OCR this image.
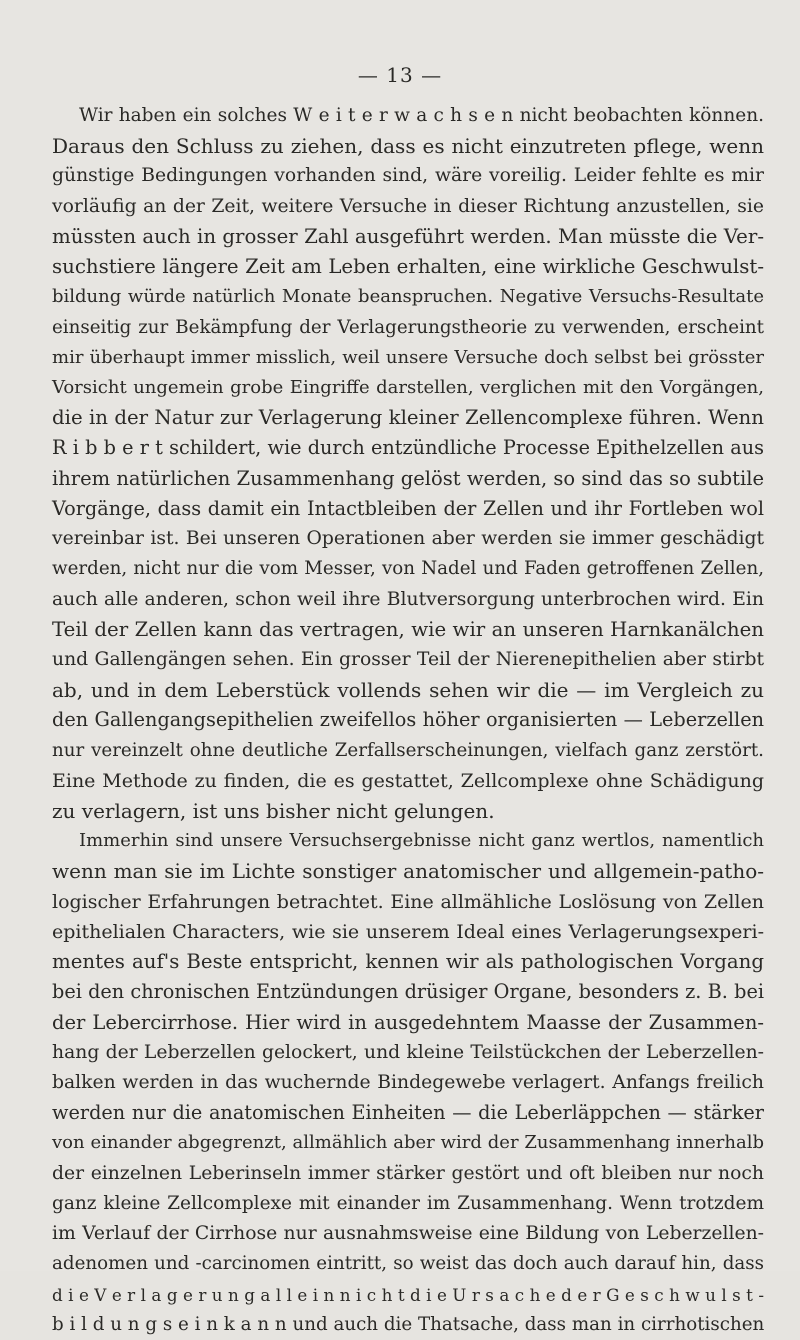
— 13 —
Wir haben ein solches W e i t e r w a c h s e n nicht beobachten können.
Daraus den Schluss zu ziehen, dass es nicht einzutreten pflege, wenn
günstige Bedingungen vorhanden sind, wäre voreilig. Leider fehlte es mir
vorläufig an der Zeit, weitere Versuche in dieser Richtung anzustellen, sie
müssten auch in grosser Zahl ausgeführt werden. Man müsste die Ver-
suchstiere längere Zeit am Leben erhalten, eine wirkliche Geschwulst-
bildung würde natürlich Monate beanspruchen. Negative Versuchs-Resultate
einseitig zur Bekämpfung der Verlagerungstheorie zu verwenden, erscheint
mir überhaupt immer misslich, weil unsere Versuche doch selbst bei grösster
Vorsicht ungemein grobe Eingriffe darstellen, verglichen mit den Vorgängen,
die in der Natur zur Verlagerung kleiner Zellencomplexe führen. Wenn
R i b b e r t schildert, wie durch entzündliche Processe Epithelzellen aus
ihrem natürlichen Zusammenhang gelöst werden, so sind das so subtile
Vorgänge, dass damit ein Intactbleiben der Zellen und ihr Fortleben wol
vereinbar ist. Bei unseren Operationen aber werden sie immer geschädigt
werden, nicht nur die vom Messer, von Nadel und Faden getroffenen Zellen,
auch alle anderen, schon weil ihre Blutversorgung unterbrochen wird. Ein
Teil der Zellen kann das vertragen, wie wir an unseren Harnkanälchen
und Gallengängen sehen. Ein grosser Teil der Nierenepithelien aber stirbt
ab, und in dem Leberstück vollends sehen wir die — im Vergleich zu
den Gallengangsepithelien zweifellos höher organisierten — Leberzellen
nur vereinzelt ohne deutliche Zerfallserscheinungen, vielfach ganz zerstört.
Eine Methode zu finden, die es gestattet, Zellcomplexe ohne Schädigung
zu verlagern, ist uns bisher nicht gelungen.
Immerhin sind unsere Versuchsergebnisse nicht ganz wertlos, namentlich
wenn man sie im Lichte sonstiger anatomischer und allgemein-patho-
logischer Erfahrungen betrachtet. Eine allmähliche Loslösung von Zellen
epithelialen Characters, wie sie unserem Ideal eines Verlagerungsexperi-
mentes auf's Beste entspricht, kennen wir als pathologischen Vorgang
bei den chronischen Entzündungen drüsiger Organe, besonders z. B. bei
der Lebercirrhose. Hier wird in ausgedehntem Maasse der Zusammen-
hang der Leberzellen gelockert, und kleine Teilstückchen der Leberzellen-
balken werden in das wuchernde Bindegewebe verlagert. Anfangs freilich
werden nur die anatomischen Einheiten — die Leberläppchen — stärker
von einander abgegrenzt, allmählich aber wird der Zusammenhang innerhalb
der einzelnen Leberinseln immer stärker gestört und oft bleiben nur noch
ganz kleine Zellcomplexe mit einander im Zusammenhang. Wenn trotzdem
im Verlauf der Cirrhose nur ausnahmsweise eine Bildung von Leberzellen-
adenomen und -carcinomen eintritt, so weist das doch auch darauf hin, dass
d i e V e r l a g e r u n g a l l e i n n i c h t d i e U r s a c h e d e r G e s c h w u l s t -
b i l d u n g s e i n k a n n und auch die Thatsache, dass man in cirrhotischen
